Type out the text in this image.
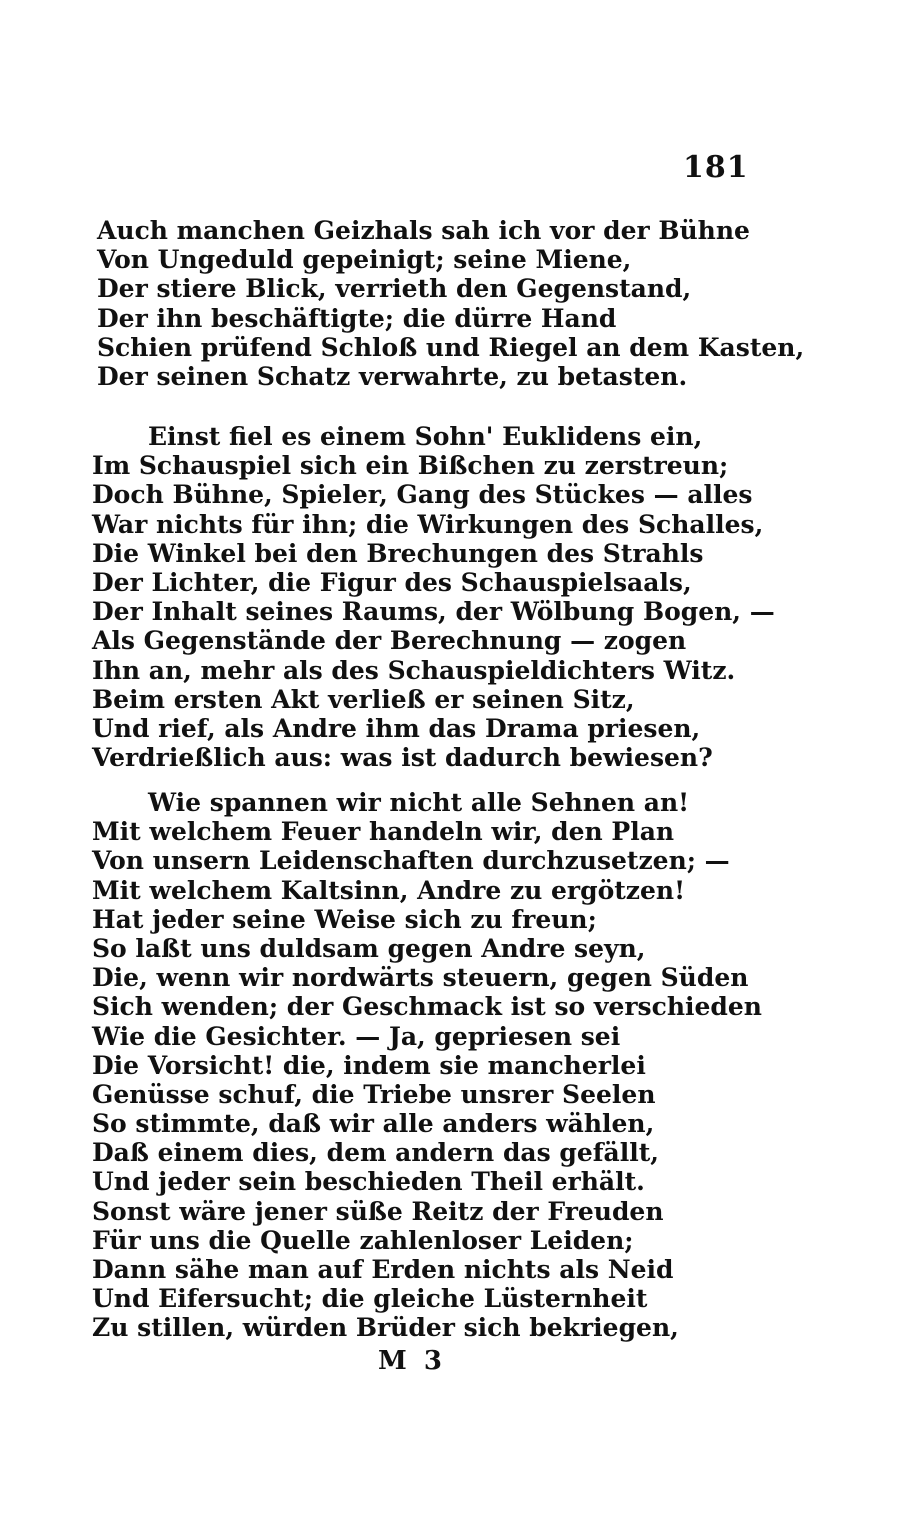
181
Auch manchen Geizhals sah ich vor der Bühne
Von Ungeduld gepeinigt; seine Miene,
Der stiere Blick, verrieth den Gegenstand,
Der ihn beschäftigte; die dürre Hand
Schien prüfend Schloß und Riegel an dem Kasten,
Der seinen Schatz verwahrte, zu betasten.
Einst fiel es einem Sohn' Euklidens ein,
Im Schauspiel sich ein Bißchen zu zerstreun;
Doch Bühne, Spieler, Gang des Stückes — alles
War nichts für ihn; die Wirkungen des Schalles,
Die Winkel bei den Brechungen des Strahls
Der Lichter, die Figur des Schauspielsaals,
Der Inhalt seines Raums, der Wölbung Bogen, —
Als Gegenstände der Berechnung — zogen
Ihn an, mehr als des Schauspieldichters Witz.
Beim ersten Akt verließ er seinen Sitz,
Und rief, als Andre ihm das Drama priesen,
Verdrießlich aus: was ist dadurch bewiesen?
Wie spannen wir nicht alle Sehnen an!
Mit welchem Feuer handeln wir, den Plan
Von unsern Leidenschaften durchzusetzen; —
Mit welchem Kaltsinn, Andre zu ergötzen!
Hat jeder seine Weise sich zu freun;
So laßt uns duldsam gegen Andre seyn,
Die, wenn wir nordwärts steuern, gegen Süden
Sich wenden; der Geschmack ist so verschieden
Wie die Gesichter. — Ja, gepriesen sei
Die Vorsicht! die, indem sie mancherlei
Genüsse schuf, die Triebe unsrer Seelen
So stimmte, daß wir alle anders wählen,
Daß einem dies, dem andern das gefällt,
Und jeder sein beschieden Theil erhält.
Sonst wäre jener süße Reitz der Freuden
Für uns die Quelle zahlenloser Leiden;
Dann sähe man auf Erden nichts als Neid
Und Eifersucht; die gleiche Lüsternheit
Zu stillen, würden Brüder sich bekriegen,
M 3
